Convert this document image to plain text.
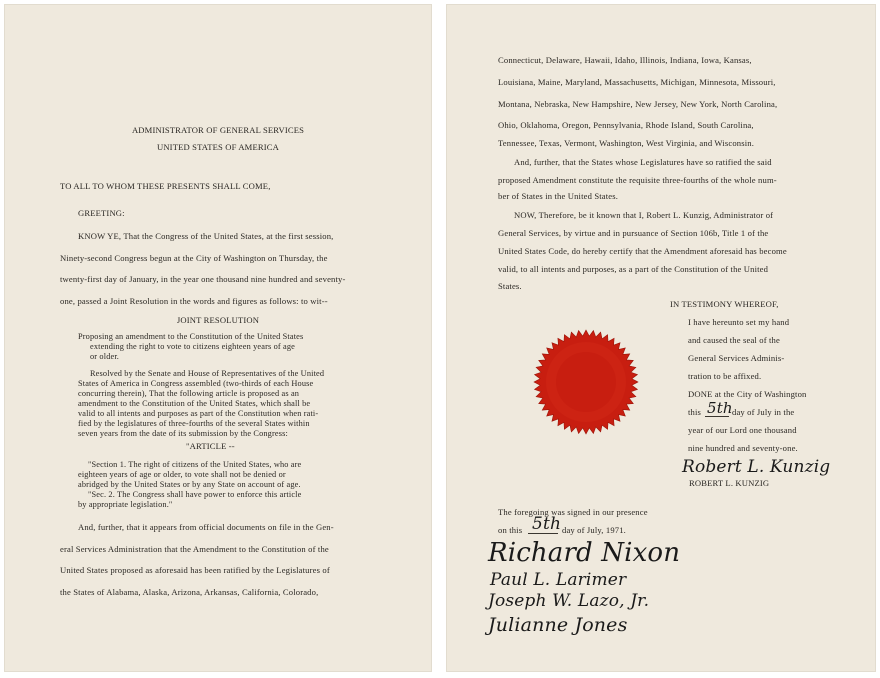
ADMINISTRATOR OF GENERAL SERVICES
UNITED STATES OF AMERICA
TO ALL TO WHOM THESE PRESENTS SHALL COME,
GREETING:
KNOW YE, That the Congress of the United States, at the first session,
Ninety-second Congress begun at the City of Washington on Thursday, the
twenty-first day of January, in the year one thousand nine hundred and seventy-
one, passed a Joint Resolution in the words and figures as follows: to wit--
JOINT RESOLUTION
Proposing an amendment to the Constitution of the United States
extending the right to vote to citizens eighteen years of age
or older.
Resolved by the Senate and House of Representatives of the United
States of America in Congress assembled (two-thirds of each House
concurring therein), That the following article is proposed as an
amendment to the Constitution of the United States, which shall be
valid to all intents and purposes as part of the Constitution when rati-
fied by the legislatures of three-fourths of the several States within
seven years from the date of its submission by the Congress:
"ARTICLE --
"Section 1. The right of citizens of the United States, who are
eighteen years of age or older, to vote shall not be denied or
abridged by the United States or by any State on account of age.
"Sec. 2. The Congress shall have power to enforce this article
by appropriate legislation."
And, further, that it appears from official documents on file in the Gen-
eral Services Administration that the Amendment to the Constitution of the
United States proposed as aforesaid has been ratified by the Legislatures of
the States of Alabama, Alaska, Arizona, Arkansas, California, Colorado,
Connecticut, Delaware, Hawaii, Idaho, Illinois, Indiana, Iowa, Kansas,
Louisiana, Maine, Maryland, Massachusetts, Michigan, Minnesota, Missouri,
Montana, Nebraska, New Hampshire, New Jersey, New York, North Carolina,
Ohio, Oklahoma, Oregon, Pennsylvania, Rhode Island, South Carolina,
Tennessee, Texas, Vermont, Washington, West Virginia, and Wisconsin.
And, further, that the States whose Legislatures have so ratified the said
proposed Amendment constitute the requisite three-fourths of the whole num-
ber of States in the United States.
NOW, Therefore, be it known that I, Robert L. Kunzig, Administrator of
General Services, by virtue and in pursuance of Section 106b, Title 1 of the
United States Code, do hereby certify that the Amendment aforesaid has become
valid, to all intents and purposes, as a part of the Constitution of the United
States.
IN TESTIMONY WHEREOF,
I have hereunto set my hand
and caused the seal of the
General Services Adminis-
tration to be affixed.
DONE at the City of Washington
this 5th day of July in the
year of our Lord one thousand
nine hundred and seventy-one.
Robert L. Kunzig
ROBERT L. KUNZIG
The foregoing was signed in our presence
on this 5th day of July, 1971.
Richard Nixon
Paul L. Larimer
Joseph W. Lazo, Jr.
Julianne Jones
